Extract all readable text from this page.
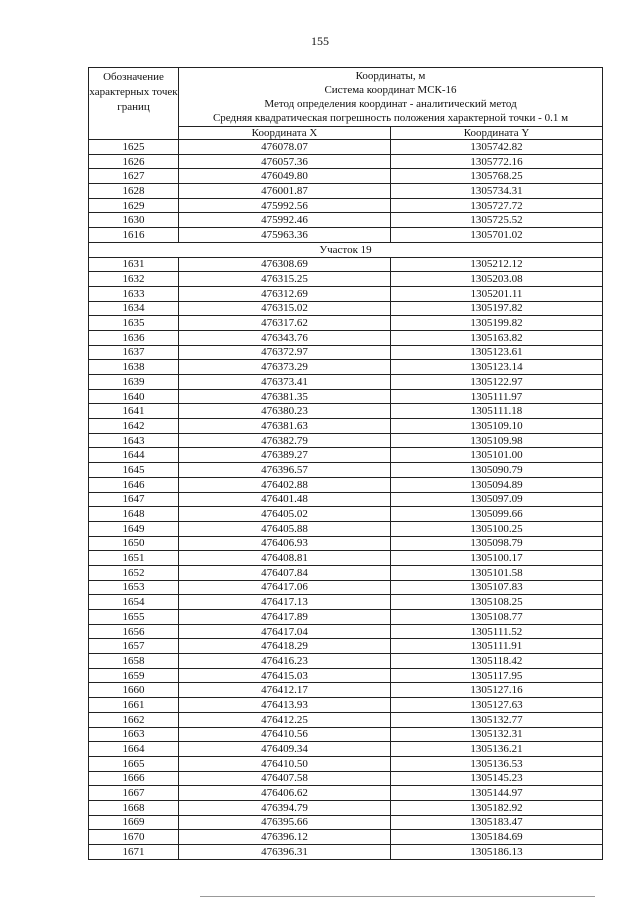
155
Обозначение характерных точек границ	Координаты, м
Система координат МСК-16
Метод определения координат - аналитический метод
Средняя квадратическая погрешность положения характерной точки - 0.1 м	

	Координата X	Координата Y
1625	476078.07	1305742.82
1626	476057.36	1305772.16
1627	476049.80	1305768.25
1628	476001.87	1305734.31
1629	475992.56	1305727.72
1630	475992.46	1305725.52
1616	475963.36	1305701.02
Участок 19		
1631	476308.69	1305212.12
1632	476315.25	1305203.08
1633	476312.69	1305201.11
1634	476315.02	1305197.82
1635	476317.62	1305199.82
1636	476343.76	1305163.82
1637	476372.97	1305123.61
1638	476373.29	1305123.14
1639	476373.41	1305122.97
1640	476381.35	1305111.97
1641	476380.23	1305111.18
1642	476381.63	1305109.10
1643	476382.79	1305109.98
1644	476389.27	1305101.00
1645	476396.57	1305090.79
1646	476402.88	1305094.89
1647	476401.48	1305097.09
1648	476405.02	1305099.66
1649	476405.88	1305100.25
1650	476406.93	1305098.79
1651	476408.81	1305100.17
1652	476407.84	1305101.58
1653	476417.06	1305107.83
1654	476417.13	1305108.25
1655	476417.89	1305108.77
1656	476417.04	1305111.52
1657	476418.29	1305111.91
1658	476416.23	1305118.42
1659	476415.03	1305117.95
1660	476412.17	1305127.16
1661	476413.93	1305127.63
1662	476412.25	1305132.77
1663	476410.56	1305132.31
1664	476409.34	1305136.21
1665	476410.50	1305136.53
1666	476407.58	1305145.23
1667	476406.62	1305144.97
1668	476394.79	1305182.92
1669	476395.66	1305183.47
1670	476396.12	1305184.69
1671	476396.31	1305186.13
